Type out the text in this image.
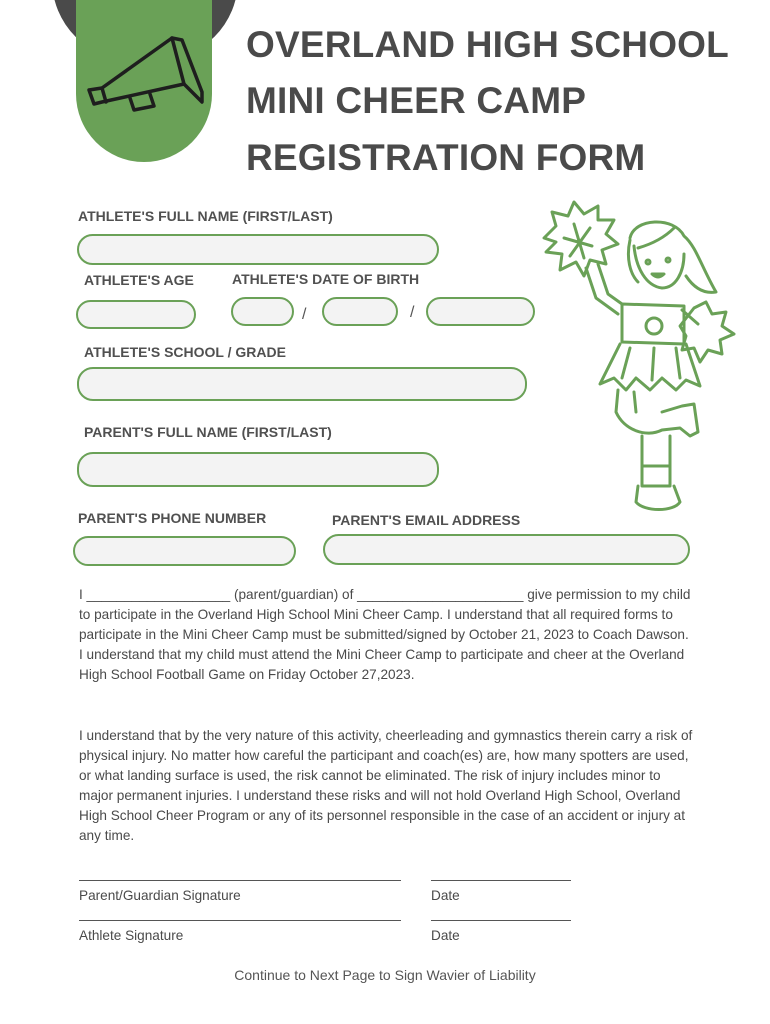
OVERLAND HIGH SCHOOL
MINI CHEER CAMP
REGISTRATION FORM
ATHLETE'S FULL NAME (FIRST/LAST)
ATHLETE'S AGE	ATHLETE'S DATE OF BIRTH
/	/
ATHLETE'S SCHOOL / GRADE
PARENT'S FULL NAME (FIRST/LAST)
PARENT'S PHONE NUMBER	PARENT'S EMAIL ADDRESS
I ___________________ (parent/guardian) of ______________________ give permission to my child to participate in the Overland High School Mini Cheer Camp. I understand that all required forms to participate in the Mini Cheer Camp must be submitted/signed by October 21, 2023 to Coach Dawson. I understand that my child must attend the Mini Cheer Camp to participate and cheer at the Overland High School Football Game on Friday October 27,2023.
I understand that by the very nature of this activity, cheerleading and gymnastics therein carry a risk of physical injury. No matter how careful the participant and coach(es) are, how many spotters are used, or what landing surface is used, the risk cannot be eliminated. The risk of injury includes minor to major permanent injuries. I understand these risks and will not hold Overland High School, Overland High School Cheer Program or any of its personnel responsible in the case of an accident or injury at any time.
Parent/Guardian Signature	Date
Athlete Signature	Date
Continue to Next Page to Sign Wavier of Liability
